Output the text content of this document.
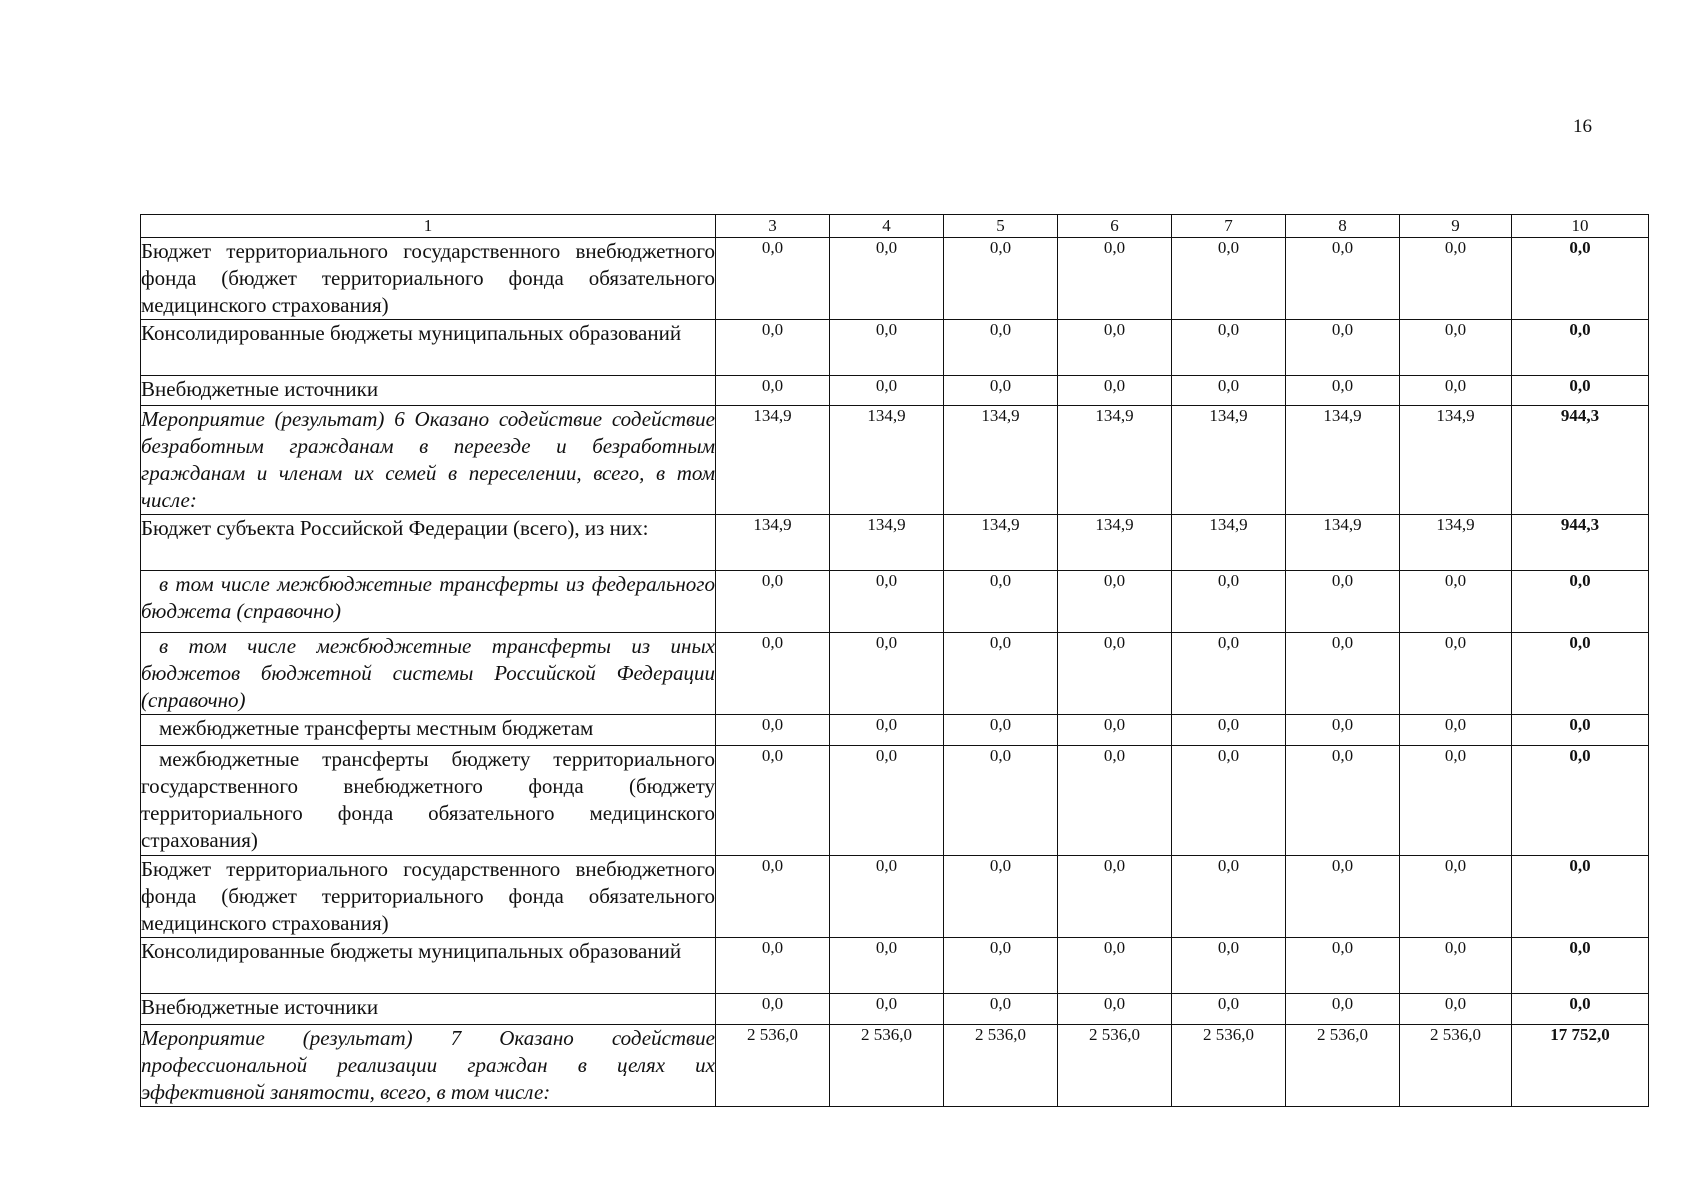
16
1	3	4	5	6	7	8	9	10
Бюджет территориального государственного внебюджетного фонда (бюджет территориального фонда обязательного медицинского страхования)	0,0	0,0	0,0	0,0	0,0	0,0	0,0	0,0
Консолидированные бюджеты муниципальных образований	0,0	0,0	0,0	0,0	0,0	0,0	0,0	0,0
Внебюджетные источники	0,0	0,0	0,0	0,0	0,0	0,0	0,0	0,0
Мероприятие (результат) 6 Оказано содействие содействие безработным гражданам в переезде и безработным гражданам и членам их семей в переселении, всего, в том числе:	134,9	134,9	134,9	134,9	134,9	134,9	134,9	944,3
Бюджет субъекта Российской Федерации (всего), из них:	134,9	134,9	134,9	134,9	134,9	134,9	134,9	944,3
в том числе межбюджетные трансферты из федерального бюджета (справочно)	0,0	0,0	0,0	0,0	0,0	0,0	0,0	0,0
в том числе межбюджетные трансферты из иных бюджетов бюджетной системы Российской Федерации (справочно)	0,0	0,0	0,0	0,0	0,0	0,0	0,0	0,0
межбюджетные трансферты местным бюджетам	0,0	0,0	0,0	0,0	0,0	0,0	0,0	0,0
межбюджетные трансферты бюджету территориального государственного внебюджетного фонда (бюджету территориального фонда обязательного медицинского страхования)	0,0	0,0	0,0	0,0	0,0	0,0	0,0	0,0
Бюджет территориального государственного внебюджетного фонда (бюджет территориального фонда обязательного медицинского страхования)	0,0	0,0	0,0	0,0	0,0	0,0	0,0	0,0
Консолидированные бюджеты муниципальных образований	0,0	0,0	0,0	0,0	0,0	0,0	0,0	0,0
Внебюджетные источники	0,0	0,0	0,0	0,0	0,0	0,0	0,0	0,0
Мероприятие (результат) 7 Оказано содействие профессиональной реализации граждан в целях их эффективной занятости, всего, в том числе:	2 536,0	2 536,0	2 536,0	2 536,0	2 536,0	2 536,0	2 536,0	17 752,0
